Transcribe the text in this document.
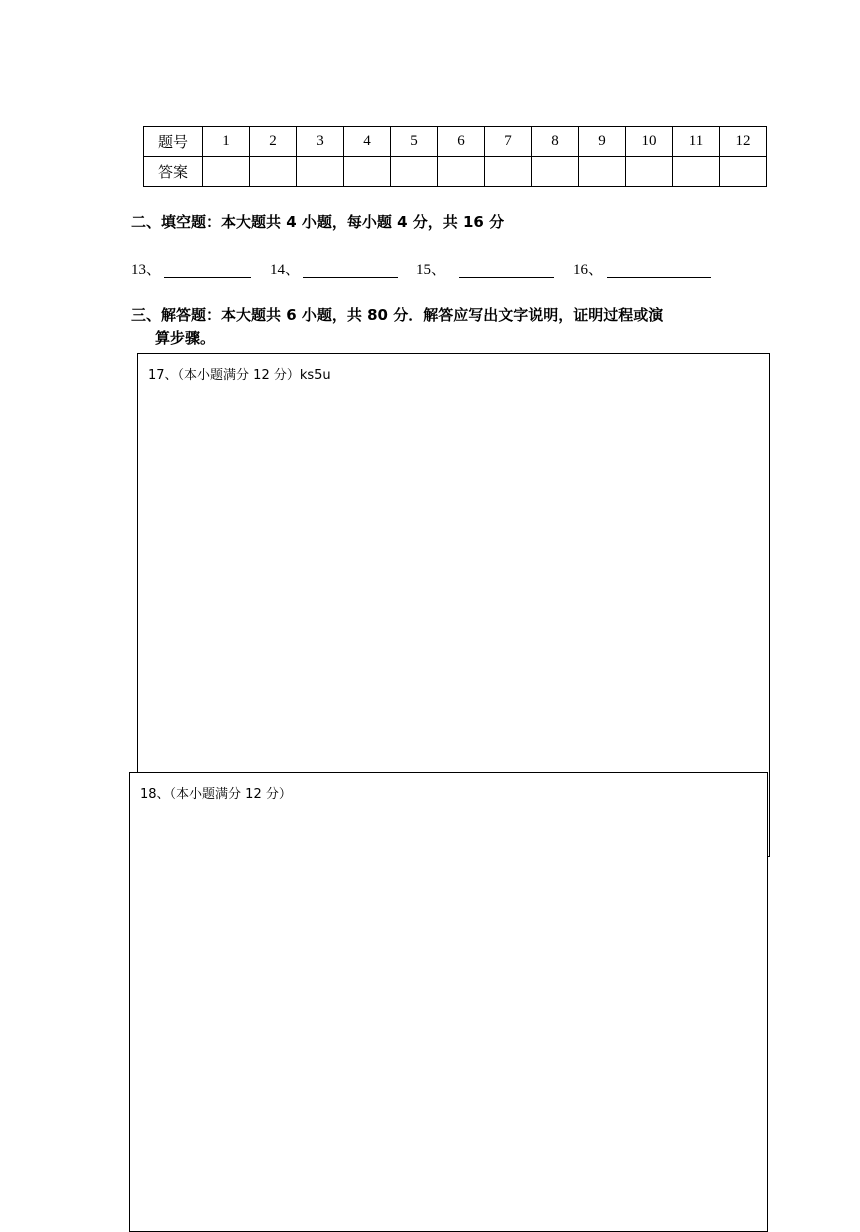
题号	1	2	3	4	5	6	7	8	9	10	11	12
答案												
二、填空题：本大题共 4 小题，每小题 4 分，共 16 分
13、	14、	15、	16、
三、解答题：本大题共 6 小题，共 80 分．解答应写出文字说明，证明过程或演
算步骤。
17、（本小题满分 12 分）ks5u
18、（本小题满分 12 分）
